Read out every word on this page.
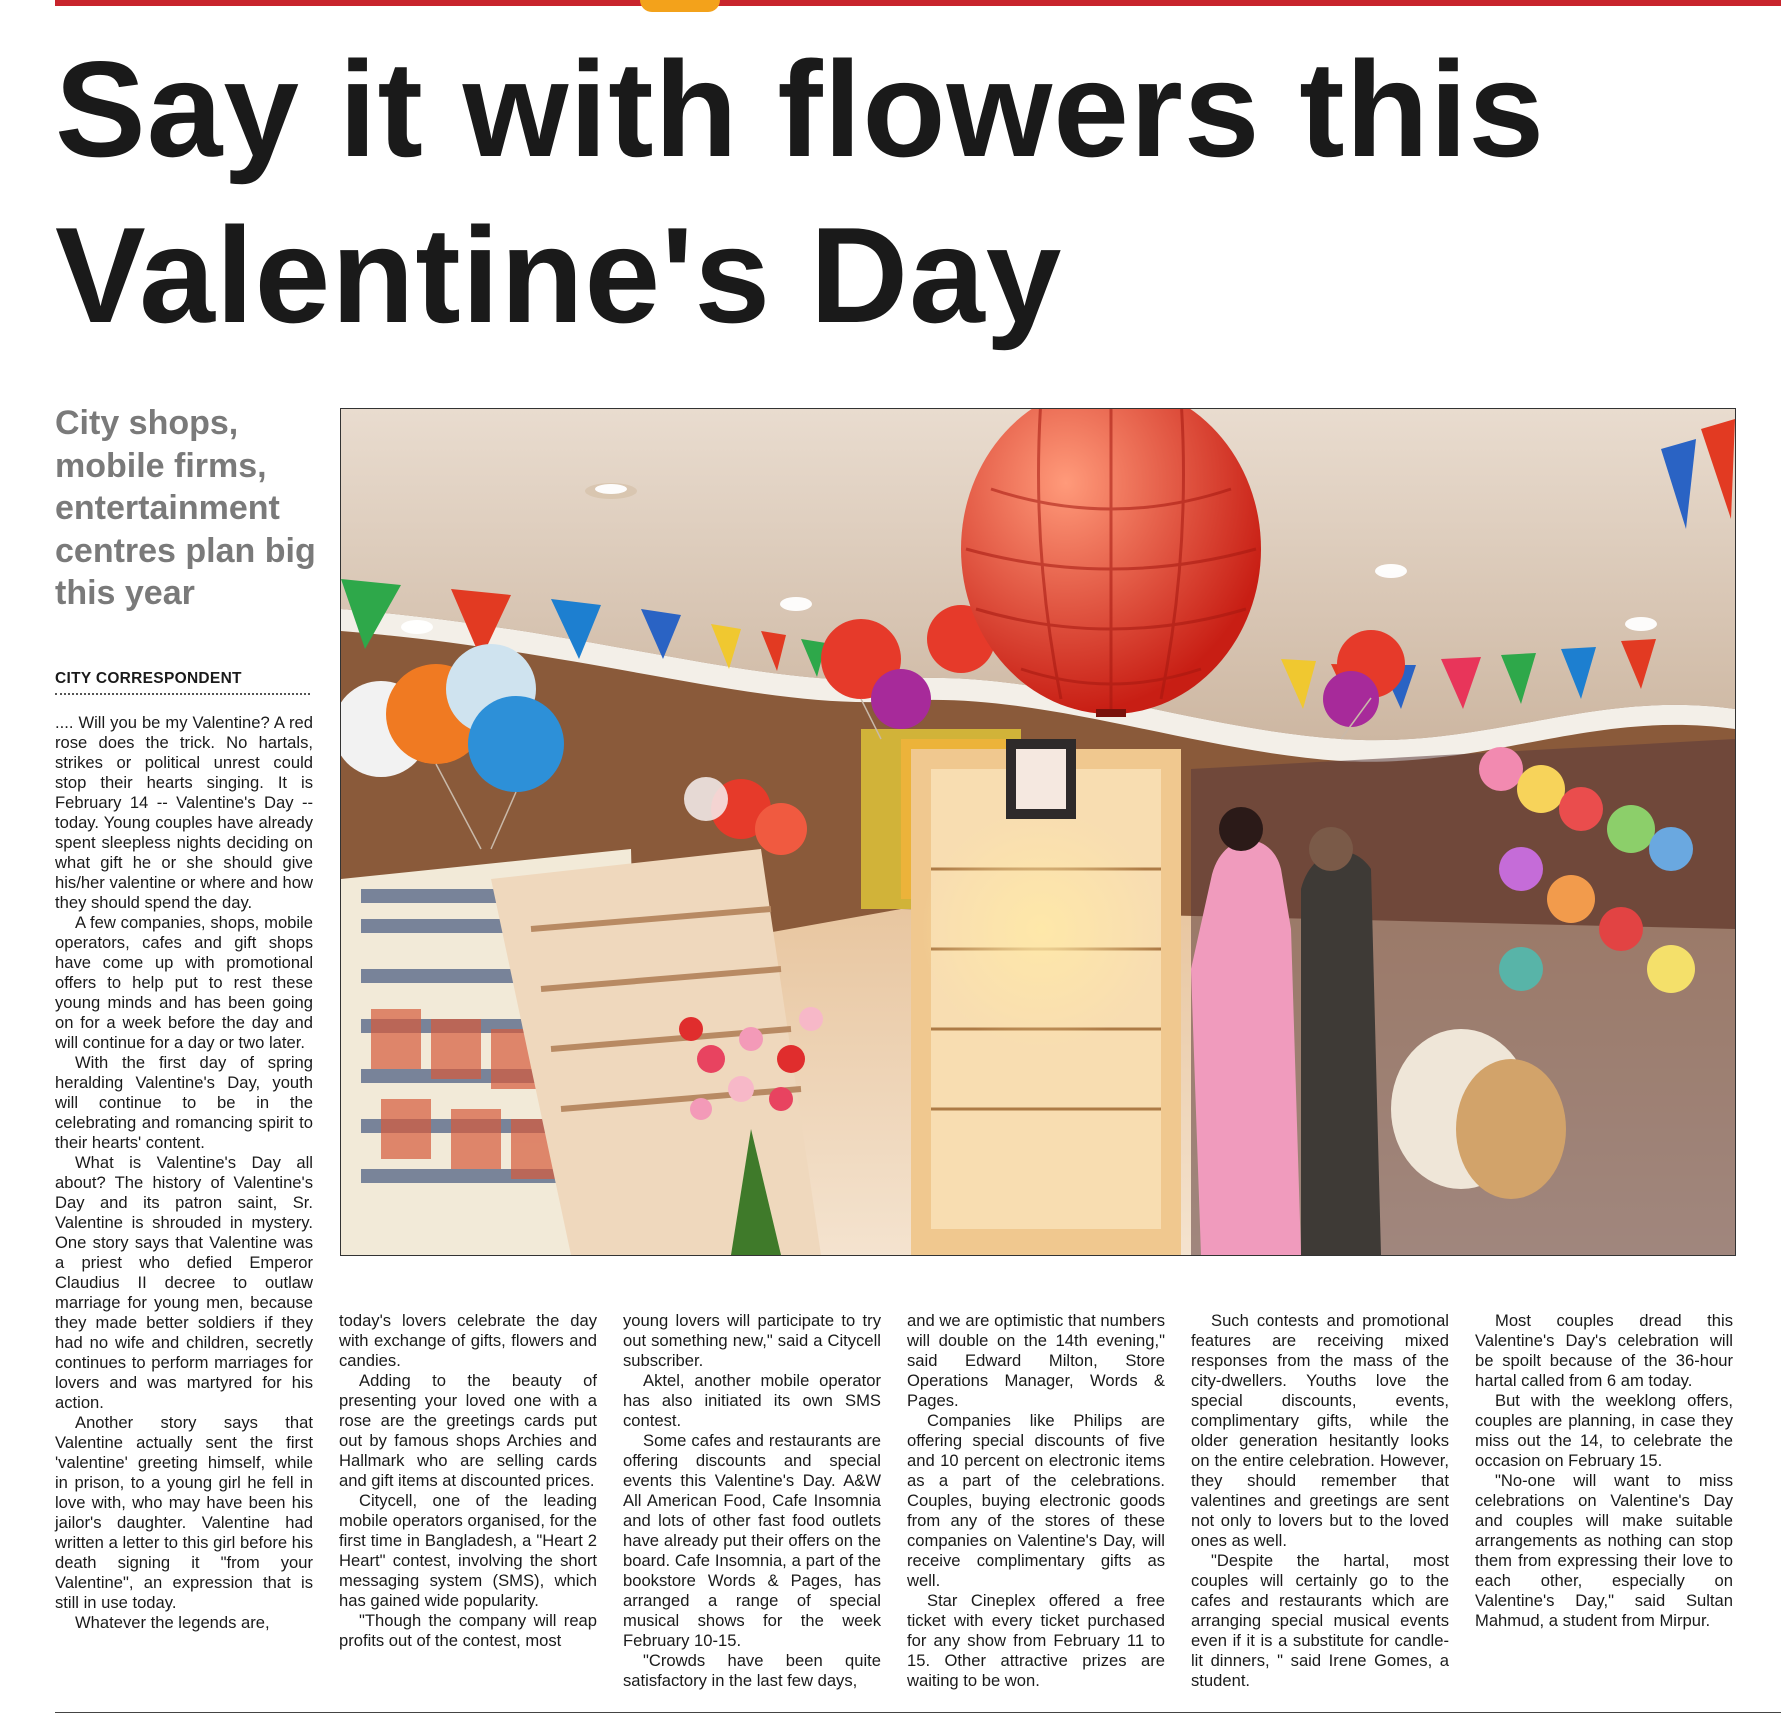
Say it with flowers this Valentine's Day
City shops, mobile firms, entertainment centres plan big this year
CITY CORRESPONDENT

.... Will you be my Valentine? A red rose does the trick. No hartals, strikes or political unrest could stop their hearts singing. It is February 14 -- Valentine's Day -- today. Young couples have already spent sleepless nights deciding on what gift he or she should give his/her valentine or where and how they should spend the day.

A few companies, shops, mobile operators, cafes and gift shops have come up with promotional offers to help put to rest these young minds and has been going on for a week before the day and will continue for a day or two later.

With the first day of spring heralding Valentine's Day, youth will continue to be in the celebrating and romancing spirit to their hearts' content.

What is Valentine's Day all about? The history of Valentine's Day and its patron saint, Sr. Valentine is shrouded in mystery. One story says that Valentine was a priest who defied Emperor Claudius II decree to outlaw marriage for young men, because they made better soldiers if they had no wife and children, secretly continues to perform marriages for lovers and was martyred for his action.

Another story says that Valentine actually sent the first 'valentine' greeting himself, while in prison, to a young girl he fell in love with, who may have been his jailor's daughter. Valentine had written a letter to this girl before his death signing it "from your Valentine", an expression that is still in use today.

Whatever the legends are,

today's lovers celebrate the day with exchange of gifts, flowers and candies.

Adding to the beauty of presenting your loved one with a rose are the greetings cards put out by famous shops Archies and Hallmark who are selling cards and gift items at discounted prices.

Citycell, one of the leading mobile operators organised, for the first time in Bangladesh, a "Heart 2 Heart" contest, involving the short messaging system (SMS), which has gained wide popularity.

"Though the company will reap profits out of the contest, most

young lovers will participate to try out something new," said a Citycell subscriber.

Aktel, another mobile operator has also initiated its own SMS contest.

Some cafes and restaurants are offering discounts and special events this Valentine's Day. A&W All American Food, Cafe Insomnia and lots of other fast food outlets have already put their offers on the board. Cafe Insomnia, a part of the bookstore Words & Pages, has arranged a range of special musical shows for the week February 10-15.

"Crowds have been quite satisfactory in the last few days,

and we are optimistic that numbers will double on the 14th evening," said Edward Milton, Store Operations Manager, Words & Pages.

Companies like Philips are offering special discounts of five and 10 percent on electronic items as a part of the celebrations. Couples, buying electronic goods from any of the stores of these companies on Valentine's Day, will receive complimentary gifts as well.

Star Cineplex offered a free ticket with every ticket purchased for any show from February 11 to 15. Other attractive prizes are waiting to be won.

Such contests and promotional features are receiving mixed responses from the mass of the city-dwellers. Youths love the special discounts, events, complimentary gifts, while the older generation hesitantly looks on the entire celebration. However, they should remember that valentines and greetings are sent not only to lovers but to the loved ones as well.

"Despite the hartal, most couples will certainly go to the cafes and restaurants which are arranging special musical events even if it is a substitute for candle-lit dinners, " said Irene Gomes, a student.

Most couples dread this Valentine's Day's celebration will be spoilt because of the 36-hour hartal called from 6 am today.

But with the weeklong offers, couples are planning, in case they miss out the 14, to celebrate the occasion on February 15.

"No-one will want to miss celebrations on Valentine's Day and couples will make suitable arrangements as nothing can stop them from expressing their love to each other, especially on Valentine's Day," said Sultan Mahmud, a student from Mirpur.
